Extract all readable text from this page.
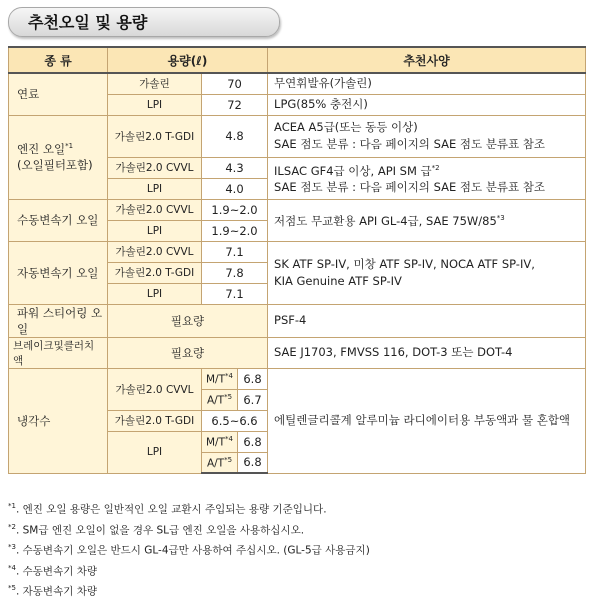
추천오일 및 용량
종 류	용량(ℓ)			추천사양
연료	가솔린	70		무연휘발유(가솔린)
	LPI	72		LPG(85% 충전시)
엔진 오일$^{*1}$
(오일필터포함)	가솔린2.0 T-GDI	4.8		ACEA A5급(또는 동등 이상)
SAE 점도 분류 : 다음 페이지의 SAE 점도 분류표 참조
	가솔린2.0 CVVL	4.3		ILSAC GF4급 이상, API SM 급$^{*2}$
SAE 점도 분류 : 다음 페이지의 SAE 점도 분류표 참조
	LPI	4.0		
수동변속기 오일	가솔린2.0 CVVL	1.9~2.0		저점도 무교환용 API GL-4급, SAE 75W/85$^{*3}$
	LPI	1.9~2.0		
자동변속기 오일	가솔린2.0 CVVL	7.1		SK ATF SP-IV, 미창 ATF SP-IV, NOCA ATF SP-IV,
KIA Genuine ATF SP-IV
	가솔린2.0 T-GDI	7.8		
	LPI	7.1		
파워 스티어링 오일	필요량			PSF-4
브레이크및클러치액	필요량			SAE J1703, FMVSS 116, DOT-3 또는 DOT-4
냉각수	가솔린2.0 CVVL	$M/T^{*4}$	6.8	에틸렌글리콜계 알루미늄 라디에이터용 부동액과 물 혼합액
		$A/T^{*5}$	6.7	
	가솔린2.0 T-GDI	6.5~6.6		
	LPI	$M/T^{*4}$	6.8	
		$A/T^{*5}$	6.8	
$^{*1}$. 엔진 오일 용량은 일반적인 오일 교환시 주입되는 용량 기준입니다.
$^{*2}$. SM급 엔진 오일이 없을 경우 SL급 엔진 오일을 사용하십시오.
$^{*3}$. 수동변속기 오일은 반드시 GL-4급만 사용하여 주십시오. (GL-5급 사용금지)
$^{*4}$. 수동변속기 차량
$^{*5}$. 자동변속기 차량
